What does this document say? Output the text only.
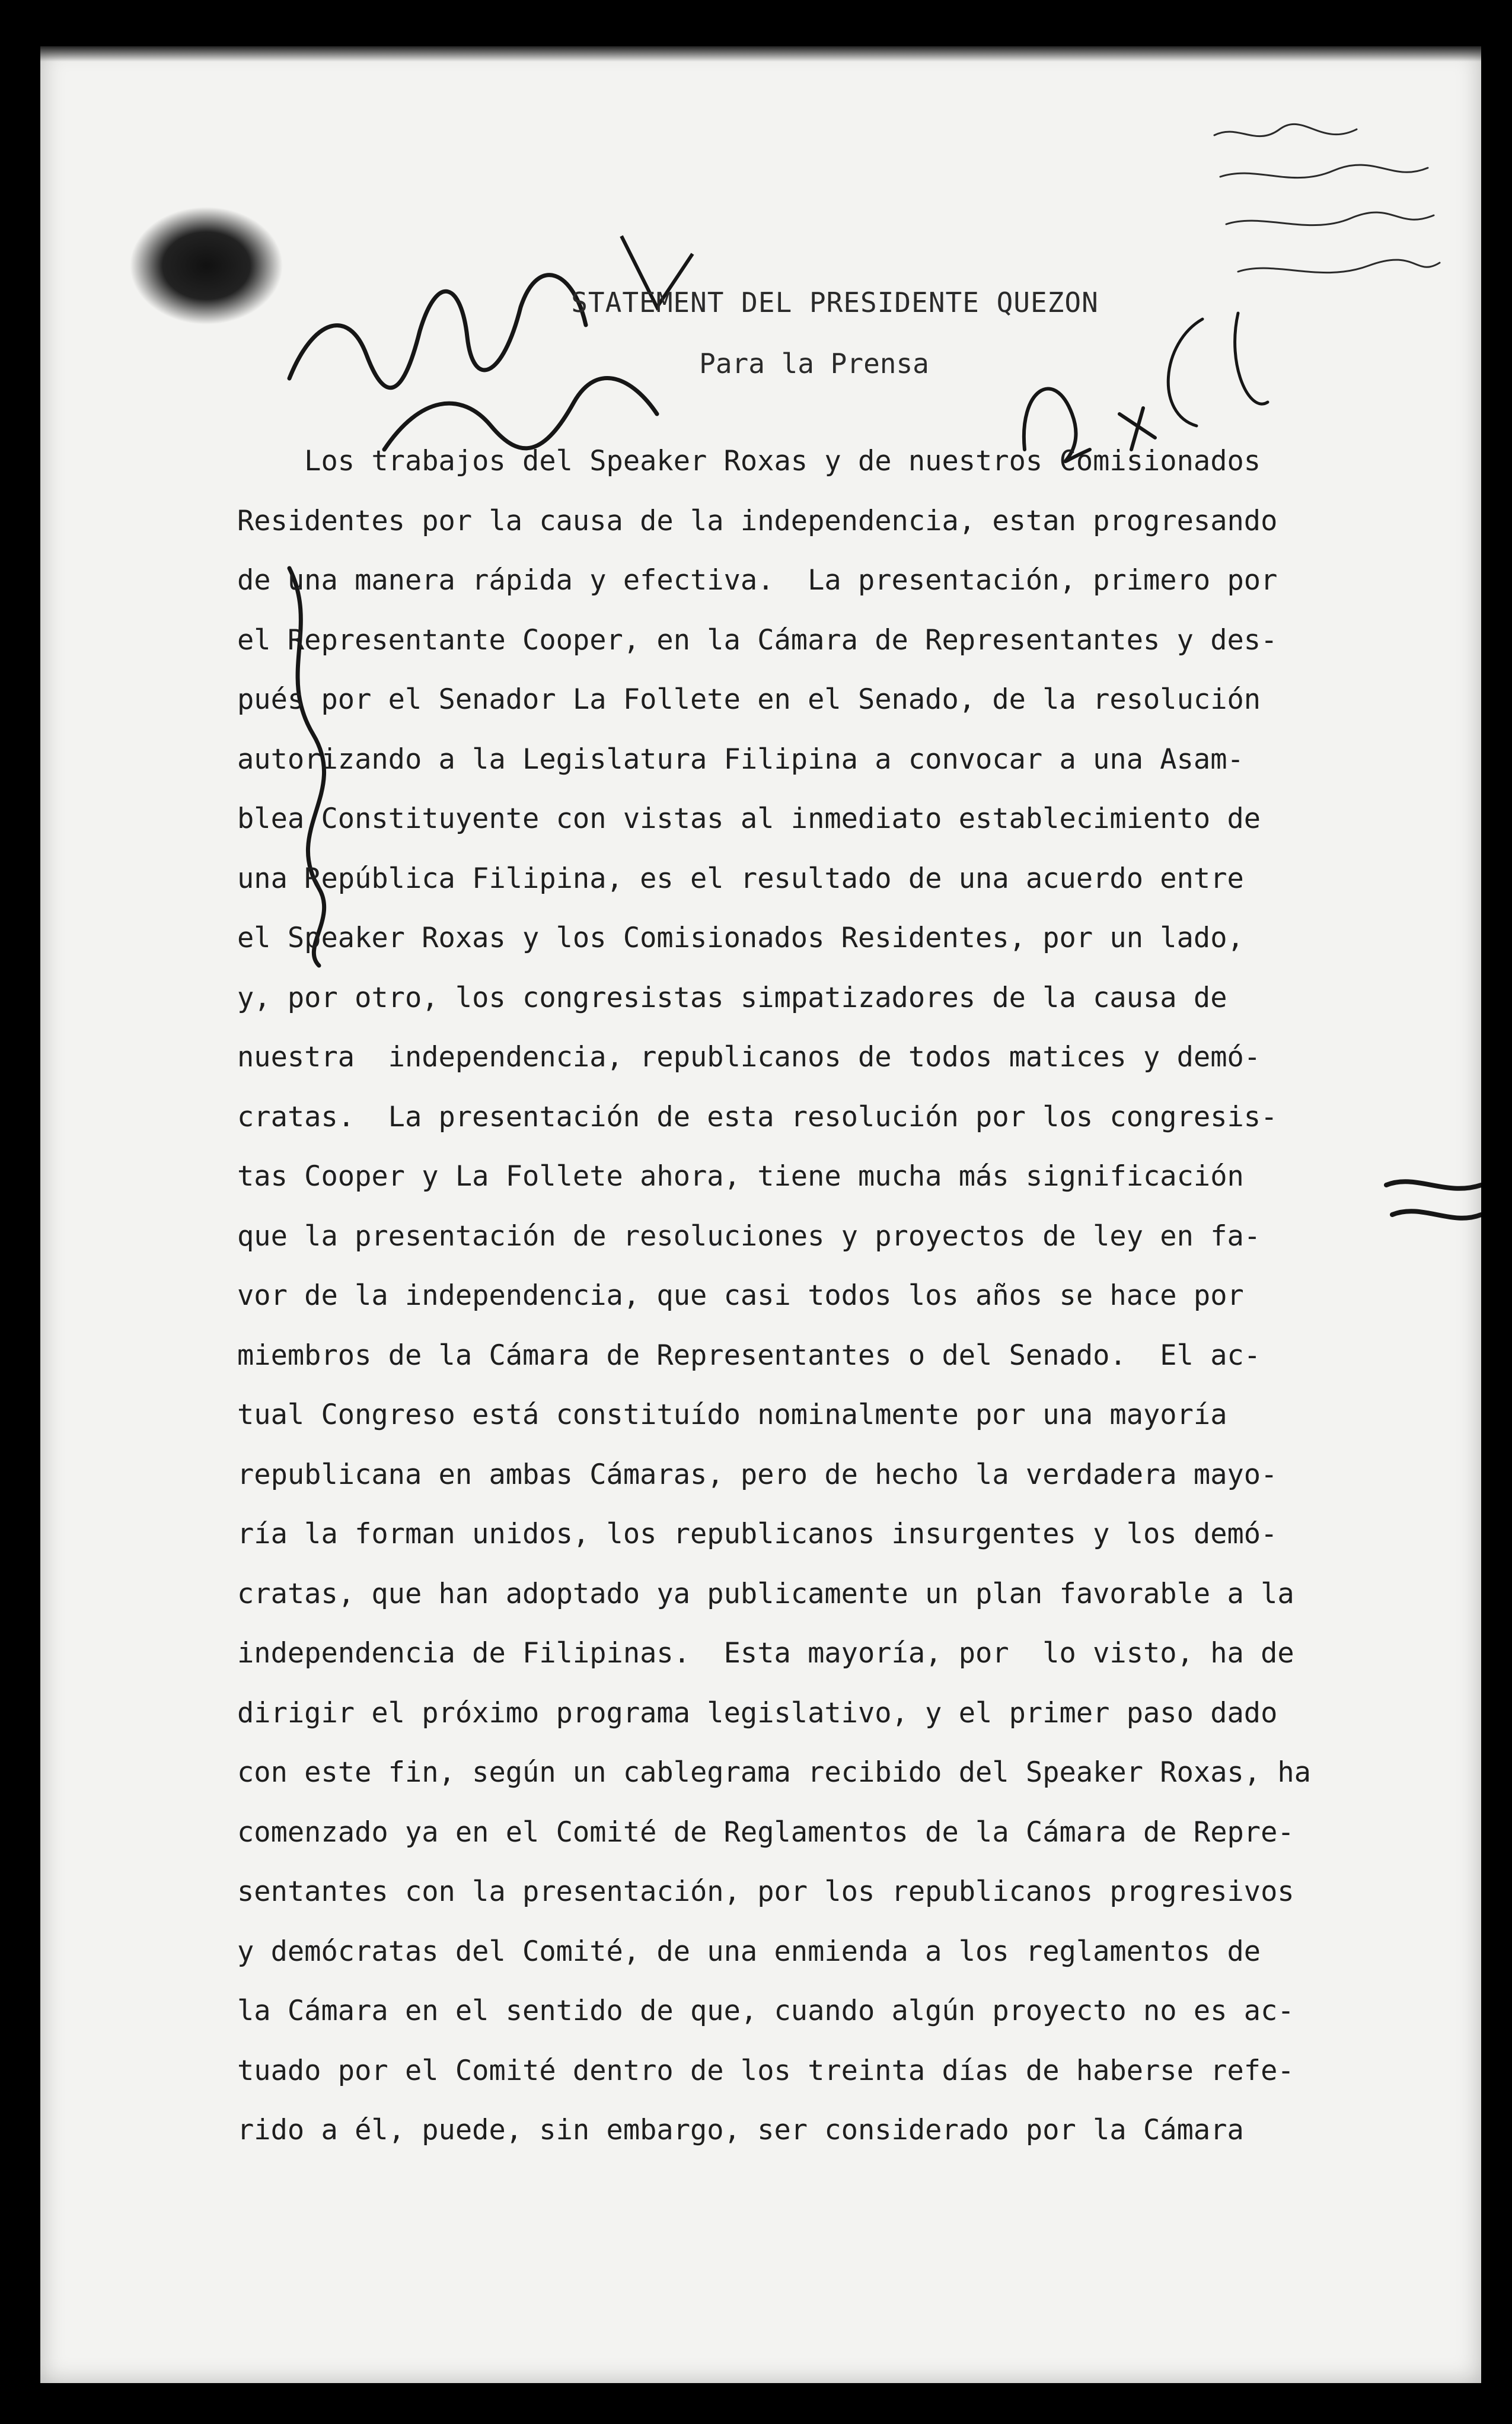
STATEMENT DEL PRESIDENTE QUEZON
Para la Prensa
Los trabajos del Speaker Roxas y de nuestros Comisionados
Residentes por la causa de la independencia, estan progresando
de una manera rápida y efectiva.  La presentación, primero por
el Representante Cooper, en la Cámara de Representantes y des-
pués por el Senador La Follete en el Senado, de la resolución
autorizando a la Legislatura Filipina a convocar a una Asam-
blea Constituyente con vistas al inmediato establecimiento de
una República Filipina, es el resultado de una acuerdo entre
el Speaker Roxas y los Comisionados Residentes, por un lado,
y, por otro, los congresistas simpatizadores de la causa de
nuestra  independencia, republicanos de todos matices y demó-
cratas.  La presentación de esta resolución por los congresis-
tas Cooper y La Follete ahora, tiene mucha más significación
que la presentación de resoluciones y proyectos de ley en fa-
vor de la independencia, que casi todos los años se hace por
miembros de la Cámara de Representantes o del Senado.  El ac-
tual Congreso está constituído nominalmente por una mayoría
republicana en ambas Cámaras, pero de hecho la verdadera mayo-
ría la forman unidos, los republicanos insurgentes y los demó-
cratas, que han adoptado ya publicamente un plan favorable a la
independencia de Filipinas.  Esta mayoría, por  lo visto, ha de
dirigir el próximo programa legislativo, y el primer paso dado
con este fin, según un cablegrama recibido del Speaker Roxas, ha
comenzado ya en el Comité de Reglamentos de la Cámara de Repre-
sentantes con la presentación, por los republicanos progresivos
y demócratas del Comité, de una enmienda a los reglamentos de
la Cámara en el sentido de que, cuando algún proyecto no es ac-
tuado por el Comité dentro de los treinta días de haberse refe-
rido a él, puede, sin embargo, ser considerado por la Cámara
